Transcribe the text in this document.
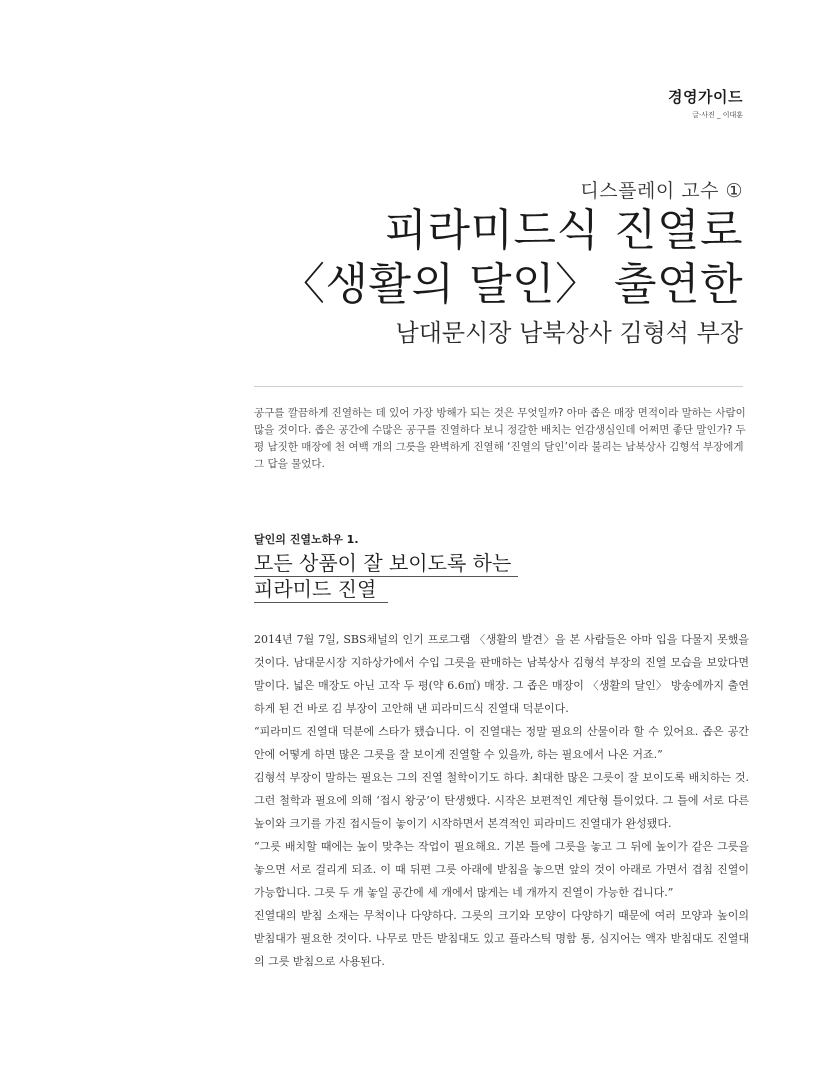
경영가이드
글·사진 _ 이대훈
디스플레이 고수 ①
피라미드식 진열로
〈생활의 달인〉 출연한
남대문시장 남북상사 김형석 부장
공구를 깔끔하게 진열하는 데 있어 가장 방해가 되는 것은 무엇일까? 아마 좁은 매장 면적이라 말하는 사람이 많을 것이다. 좁은 공간에 수많은 공구를 진열하다 보니 정갈한 배치는 언감생심인데 어쩌면 좋단 말인가? 두 평 남짓한 매장에 천 여백 개의 그릇을 완벽하게 진열해 ‘진열의 달인’이라 불리는 남북상사 김형석 부장에게 그 답을 물었다.
달인의 진열노하우 1.
모든 상품이 잘 보이도록 하는
피라미드 진열

2014년 7월 7일, SBS채널의 인기 프로그램 〈생활의 발견〉을 본 사람들은 아마 입을 다물지 못했을 것이다. 남대문시장 지하상가에서 수입 그릇을 판매하는 남북상사 김형석 부장의 진열 모습을 보았다면 말이다. 넓은 매장도 아닌 고작 두 평(약 6.6㎡) 매장. 그 좁은 매장이 〈생활의 달인〉 방송에까지 출연하게 된 건 바로 김 부장이 고안해 낸 피라미드식 진열대 덕분이다.

“피라미드 진열대 덕분에 스타가 됐습니다. 이 진열대는 정말 필요의 산물이라 할 수 있어요. 좁은 공간 안에 어떻게 하면 많은 그릇을 잘 보이게 진열할 수 있을까, 하는 필요에서 나온 거죠.”

김형석 부장이 말하는 필요는 그의 진열 철학이기도 하다. 최대한 많은 그릇이 잘 보이도록 배치하는 것. 그런 철학과 필요에 의해 ‘접시 왕궁’이 탄생했다. 시작은 보편적인 계단형 틀이었다. 그 틀에 서로 다른 높이와 크기를 가진 접시들이 놓이기 시작하면서 본격적인 피라미드 진열대가 완성됐다.

“그릇 배치할 때에는 높이 맞추는 작업이 필요해요. 기본 틀에 그릇을 놓고 그 뒤에 높이가 같은 그릇을 놓으면 서로 걸리게 되죠. 이 때 뒤편 그릇 아래에 받침을 놓으면 앞의 것이 아래로 가면서 겹침 진열이 가능합니다. 그릇 두 개 놓일 공간에 세 개에서 많게는 네 개까지 진열이 가능한 겁니다.”

진열대의 받침 소재는 무척이나 다양하다. 그릇의 크기와 모양이 다양하기 때문에 여러 모양과 높이의 받침대가 필요한 것이다. 나무로 만든 받침대도 있고 플라스틱 명함 통, 심지어는 액자 받침대도 진열대의 그릇 받침으로 사용된다.
